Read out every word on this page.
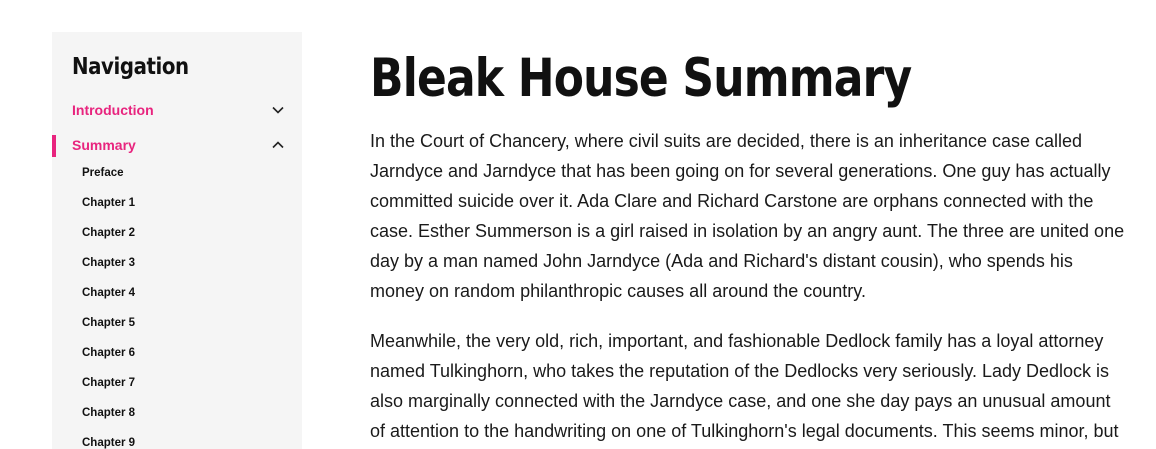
Navigation
Introduction
Summary
Preface
Chapter 1
Chapter 2
Chapter 3
Chapter 4
Chapter 5
Chapter 6
Chapter 7
Chapter 8
Chapter 9
Bleak House Summary

In the Court of Chancery, where civil suits are decided, there is an inheritance case called Jarndyce and Jarndyce that has been going on for several generations. One guy has actually committed suicide over it. Ada Clare and Richard Carstone are orphans connected with the case. Esther Summerson is a girl raised in isolation by an angry aunt. The three are united one day by a man named John Jarndyce (Ada and Richard's distant cousin), who spends his money on random philanthropic causes all around the country.

Meanwhile, the very old, rich, important, and fashionable Dedlock family has a loyal attorney named Tulkinghorn, who takes the reputation of the Dedlocks very seriously. Lady Dedlock is also marginally connected with the Jarndyce case, and one she day pays an unusual amount of attention to the handwriting on one of Tulkinghorn's legal documents. This seems minor, but
